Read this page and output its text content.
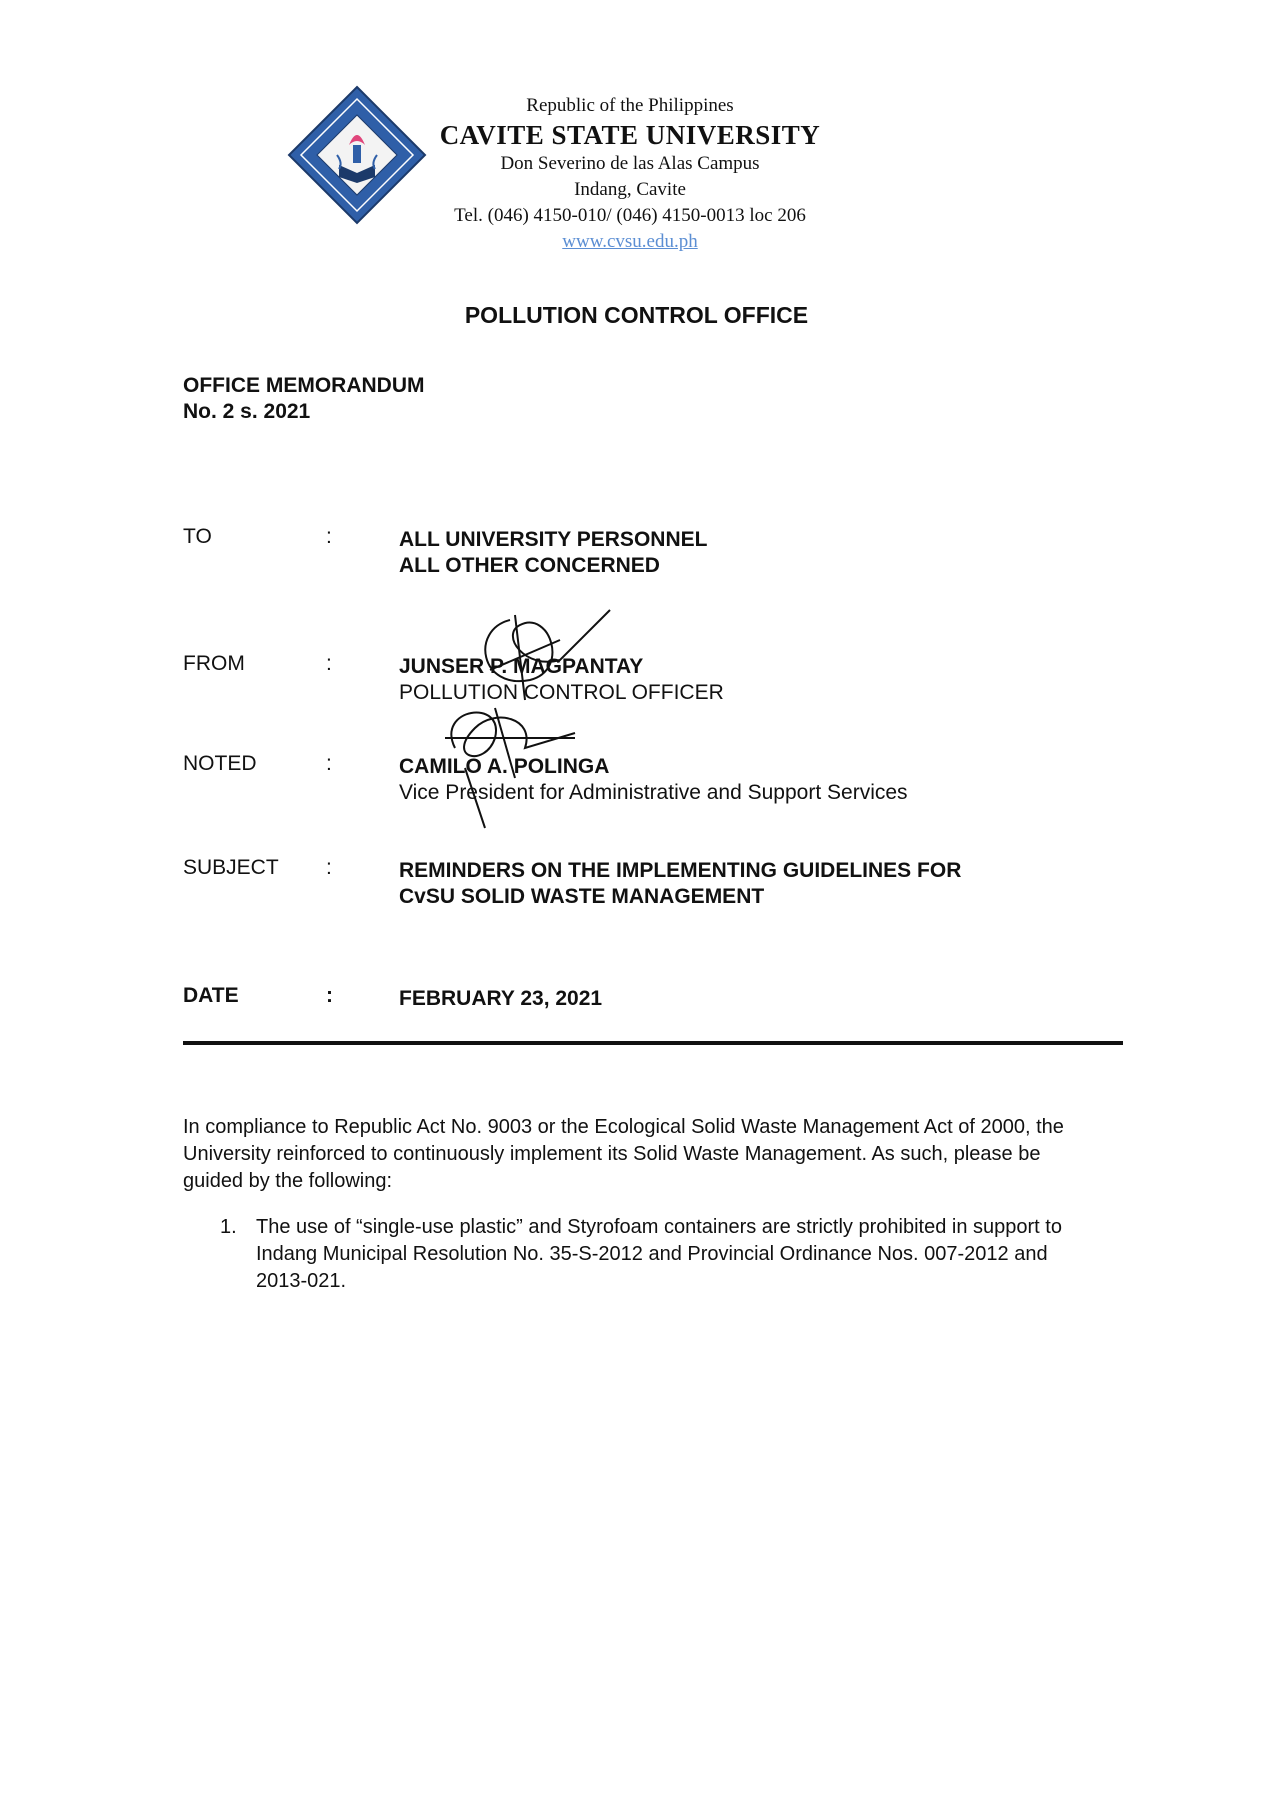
Republic of the Philippines
CAVITE STATE UNIVERSITY
Don Severino de las Alas Campus
Indang, Cavite
Tel. (046) 4150-010/ (046) 4150-0013 loc 206
www.cvsu.edu.ph
POLLUTION CONTROL OFFICE
OFFICE MEMORANDUM
No. 2 s. 2021
TO	:	ALL UNIVERSITY PERSONNEL
ALL OTHER CONCERNED
FROM	:	JUNSER P. MAGPANTAY
POLLUTION CONTROL OFFICER
NOTED	:	CAMILO A. POLINGA
Vice President for Administrative and Support Services
SUBJECT :	REMINDERS ON THE IMPLEMENTING GUIDELINES FOR
CvSU SOLID WASTE MANAGEMENT
DATE	:	FEBRUARY 23, 2021
In compliance to Republic Act No. 9003 or the Ecological Solid Waste Management Act of 2000, the University reinforced to continuously implement its Solid Waste Management. As such, please be guided by the following:
1. The use of “single-use plastic” and Styrofoam containers are strictly prohibited in support to Indang Municipal Resolution No. 35-S-2012 and Provincial Ordinance Nos. 007-2012 and 2013-021.
